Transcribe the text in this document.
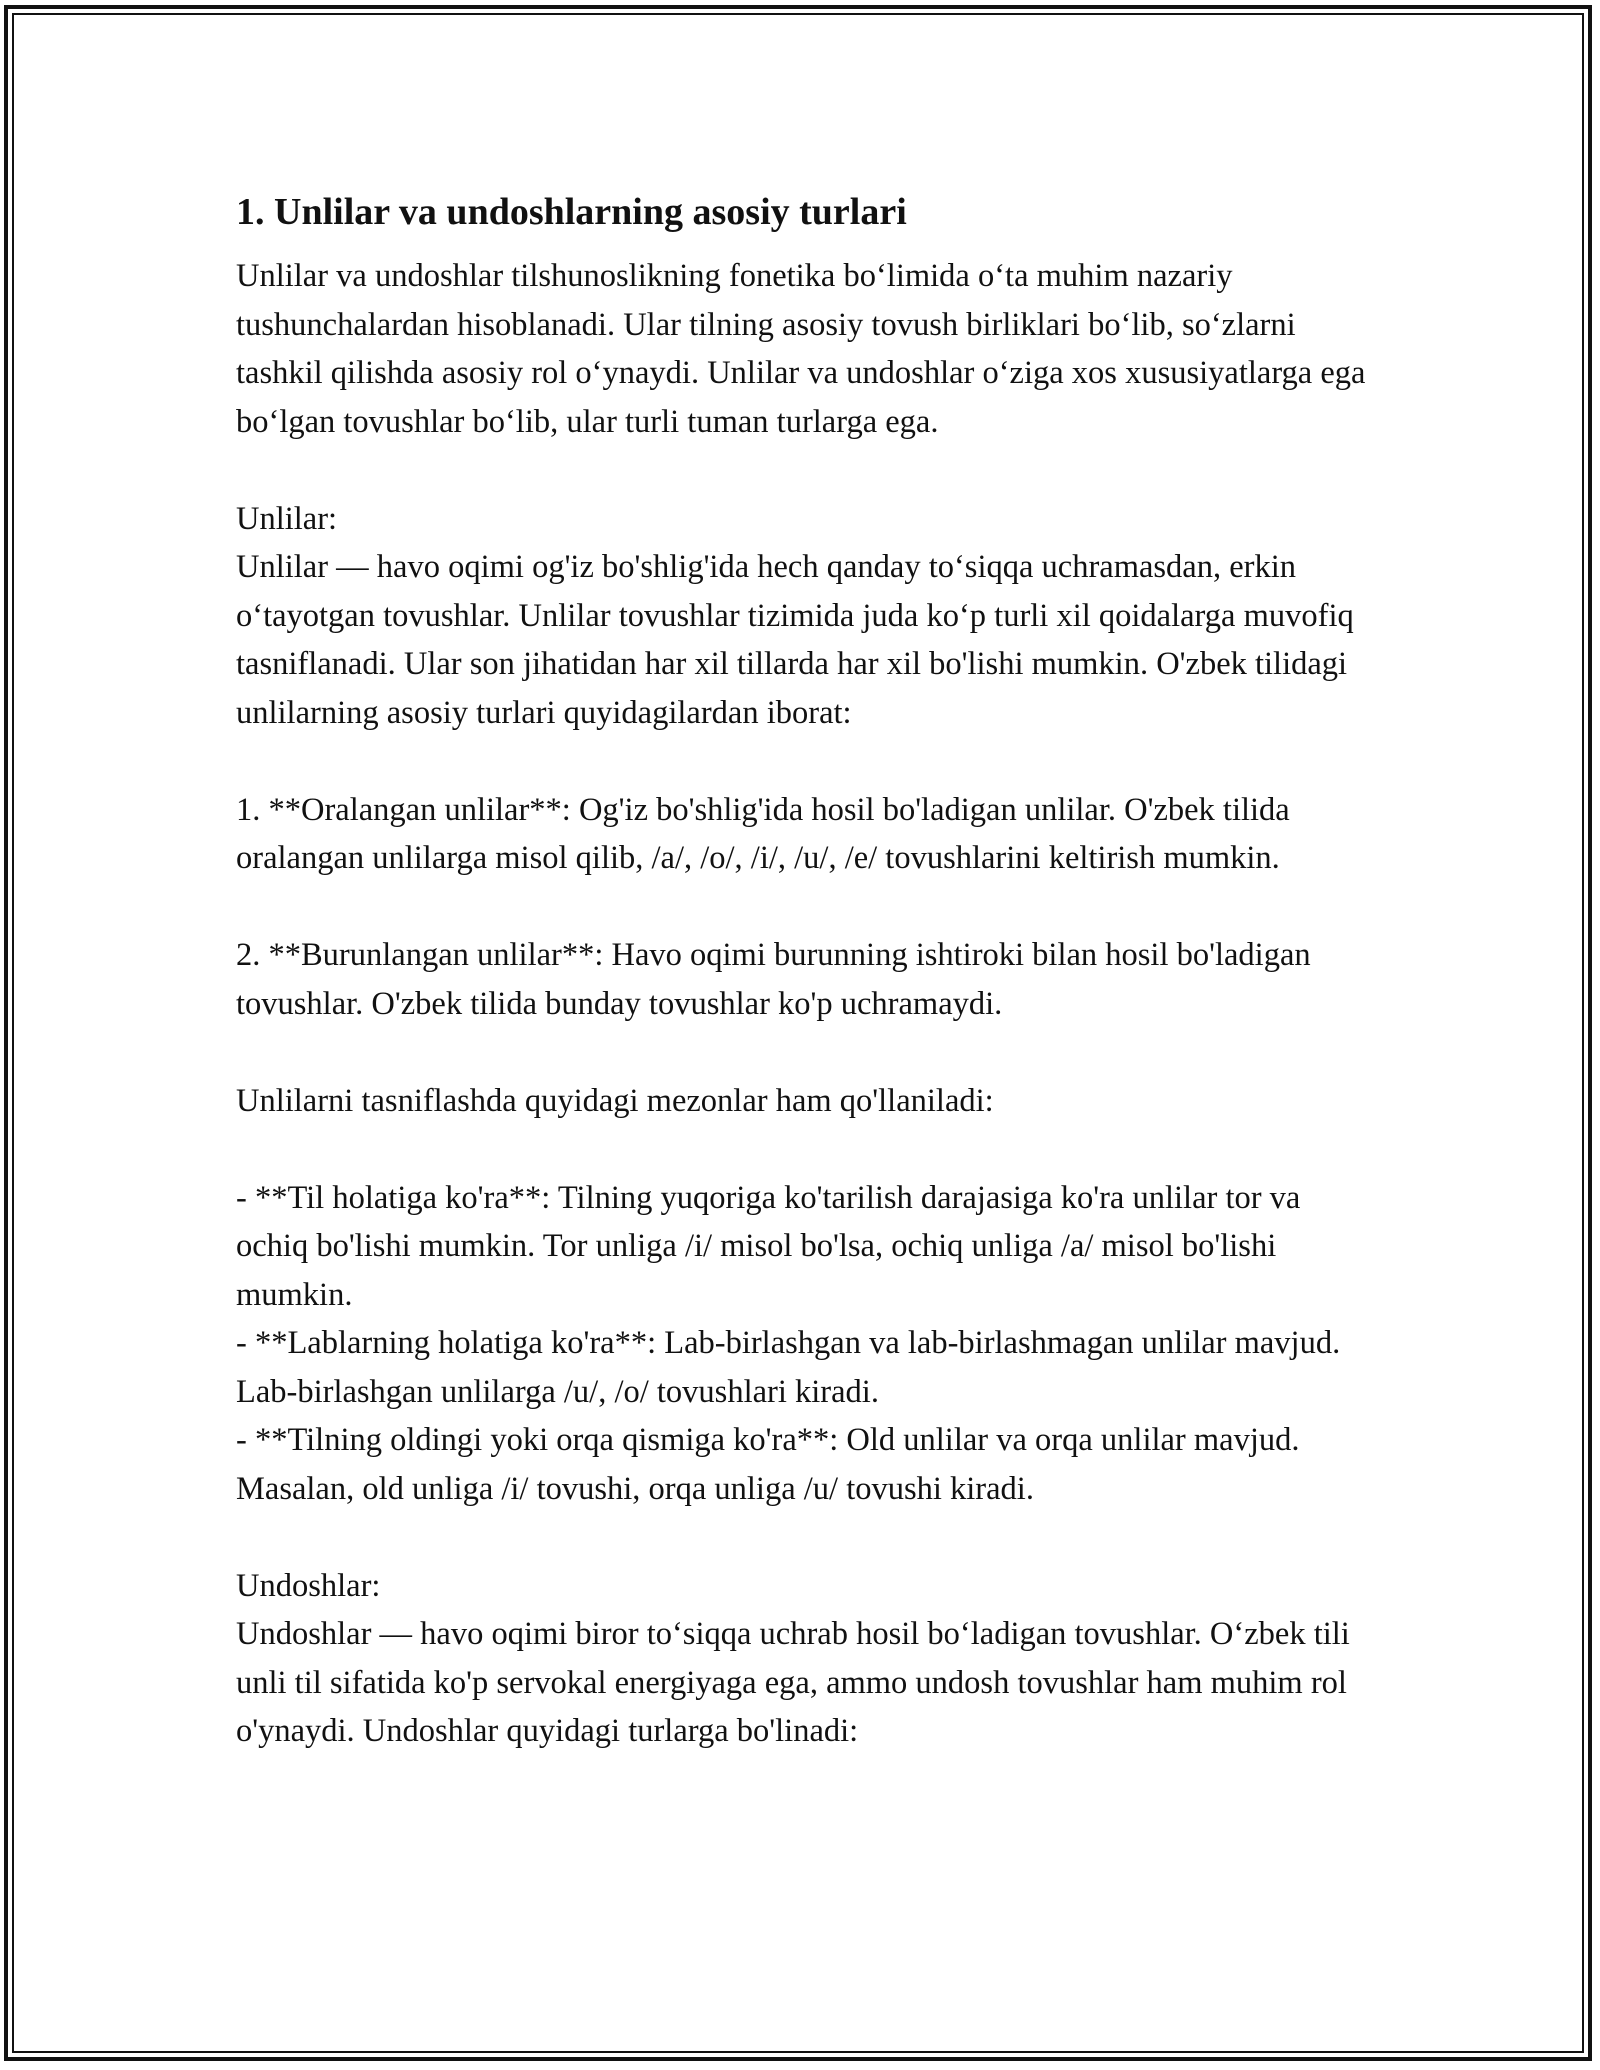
1. Unlilar va undoshlarning asosiy turlari

Unlilar va undoshlar tilshunoslikning fonetika bo‘limida o‘ta muhim nazariy tushunchalardan hisoblanadi. Ular tilning asosiy tovush birliklari bo‘lib, so‘zlarni tashkil qilishda asosiy rol o‘ynaydi. Unlilar va undoshlar o‘ziga xos xususiyatlarga ega bo‘lgan tovushlar bo‘lib, ular turli tuman turlarga ega.

Unlilar:

Unlilar — havo oqimi og'iz bo'shlig'ida hech qanday to‘siqqa uchramasdan, erkin o‘tayotgan tovushlar. Unlilar tovushlar tizimida juda ko‘p turli xil qoidalarga muvofiq tasniflanadi. Ular son jihatidan har xil tillarda har xil bo'lishi mumkin. O'zbek tilidagi unlilarning asosiy turlari quyidagilardan iborat:

1. **Oralangan unlilar**: Og'iz bo'shlig'ida hosil bo'ladigan unlilar. O'zbek tilida oralangan unlilarga misol qilib, /a/, /o/, /i/, /u/, /e/ tovushlarini keltirish mumkin.

2. **Burunlangan unlilar**: Havo oqimi burunning ishtiroki bilan hosil bo'ladigan tovushlar. O'zbek tilida bunday tovushlar ko'p uchramaydi.

Unlilarni tasniflashda quyidagi mezonlar ham qo'llaniladi:

- **Til holatiga ko'ra**: Tilning yuqoriga ko'tarilish darajasiga ko'ra unlilar tor va ochiq bo'lishi mumkin. Tor unliga /i/ misol bo'lsa, ochiq unliga /a/ misol bo'lishi mumkin.

- **Lablarning holatiga ko'ra**: Lab-birlashgan va lab-birlashmagan unlilar mavjud. Lab-birlashgan unlilarga /u/, /o/ tovushlari kiradi.

- **Tilning oldingi yoki orqa qismiga ko'ra**: Old unlilar va orqa unlilar mavjud. Masalan, old unliga /i/ tovushi, orqa unliga /u/ tovushi kiradi.

Undoshlar:

Undoshlar — havo oqimi biror to‘siqqa uchrab hosil bo‘ladigan tovushlar. O‘zbek tili unli til sifatida ko'p servokal energiyaga ega, ammo undosh tovushlar ham muhim rol o'ynaydi. Undoshlar quyidagi turlarga bo'linadi:
